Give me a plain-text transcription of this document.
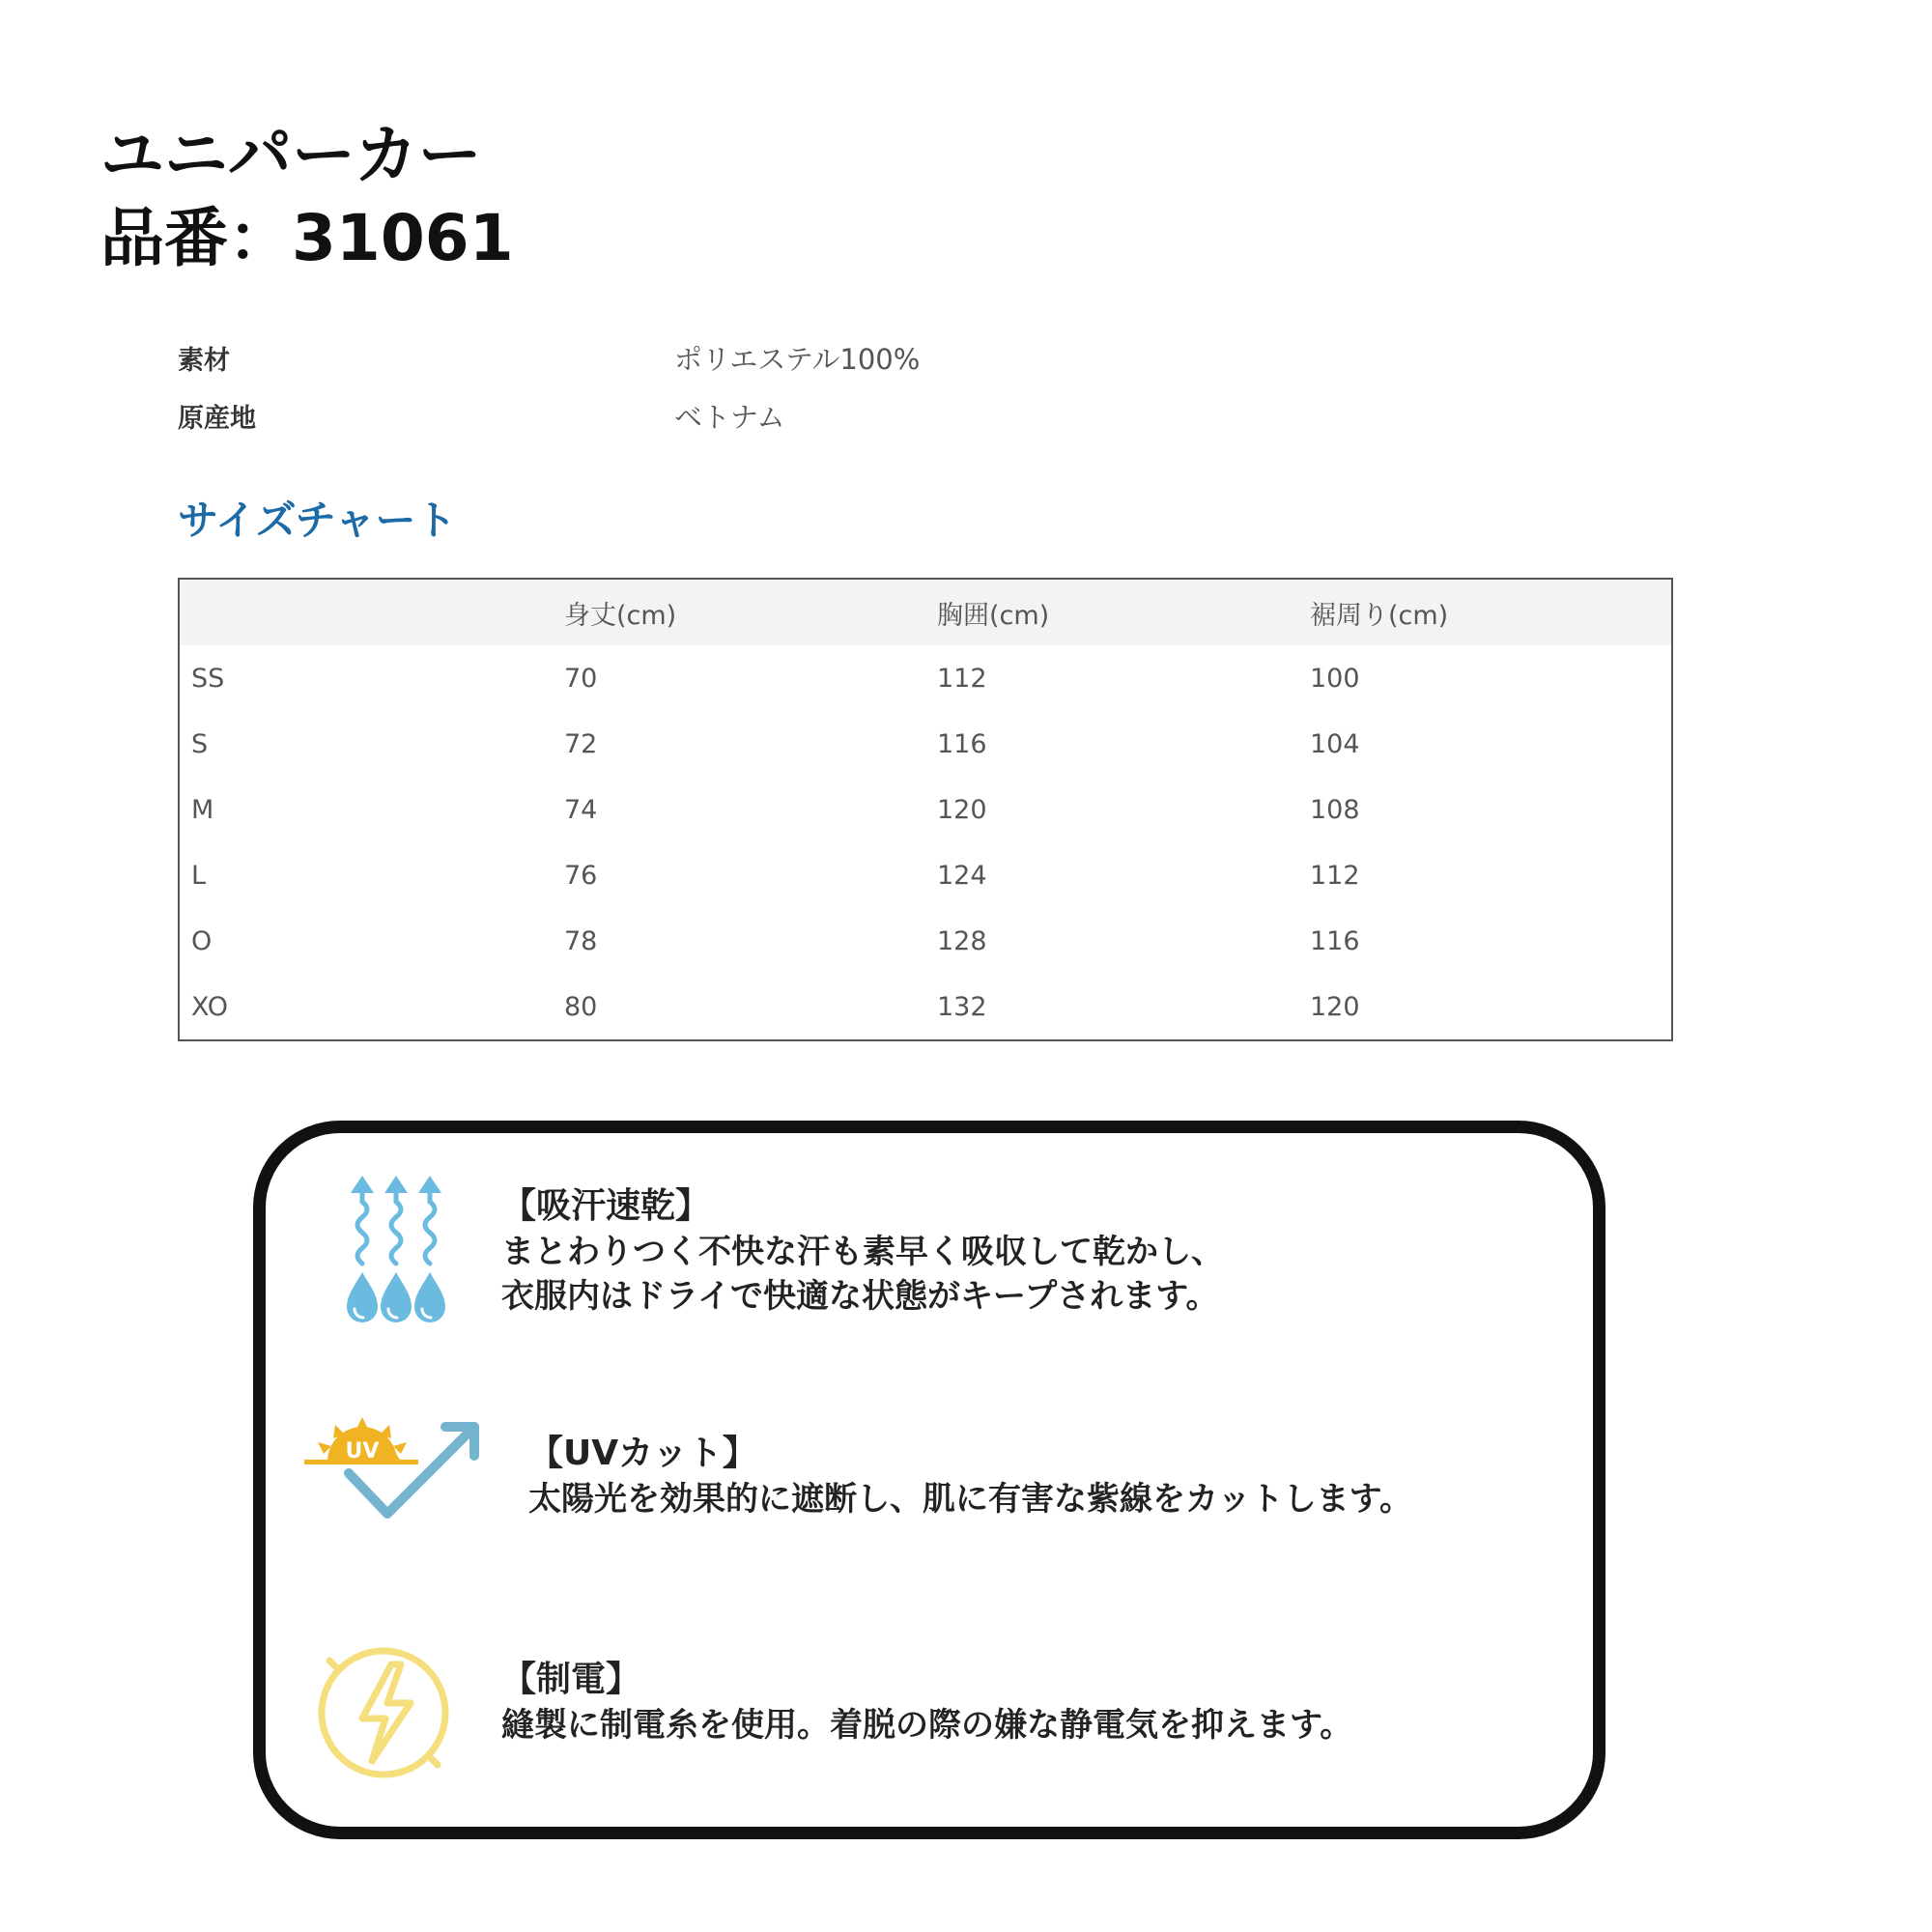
ユニパーカー
品番：31061
素材	ポリエステル100%
原産地	ベトナム
サイズチャート
	身丈(cm)	胸囲(cm)	裾周り(cm)
SS	70	112	100
S	72	116	104
M	74	120	108
L	76	124	112
O	78	128	116
XO	80	132	120
【吸汗速乾】
まとわりつく不快な汗も素早く吸収して乾かし、
衣服内はドライで快適な状態がキープされます。
UV	【UVカット】
太陽光を効果的に遮断し、肌に有害な紫線をカットします。
【制電】
縫製に制電糸を使用。着脱の際の嫌な静電気を抑えます。
